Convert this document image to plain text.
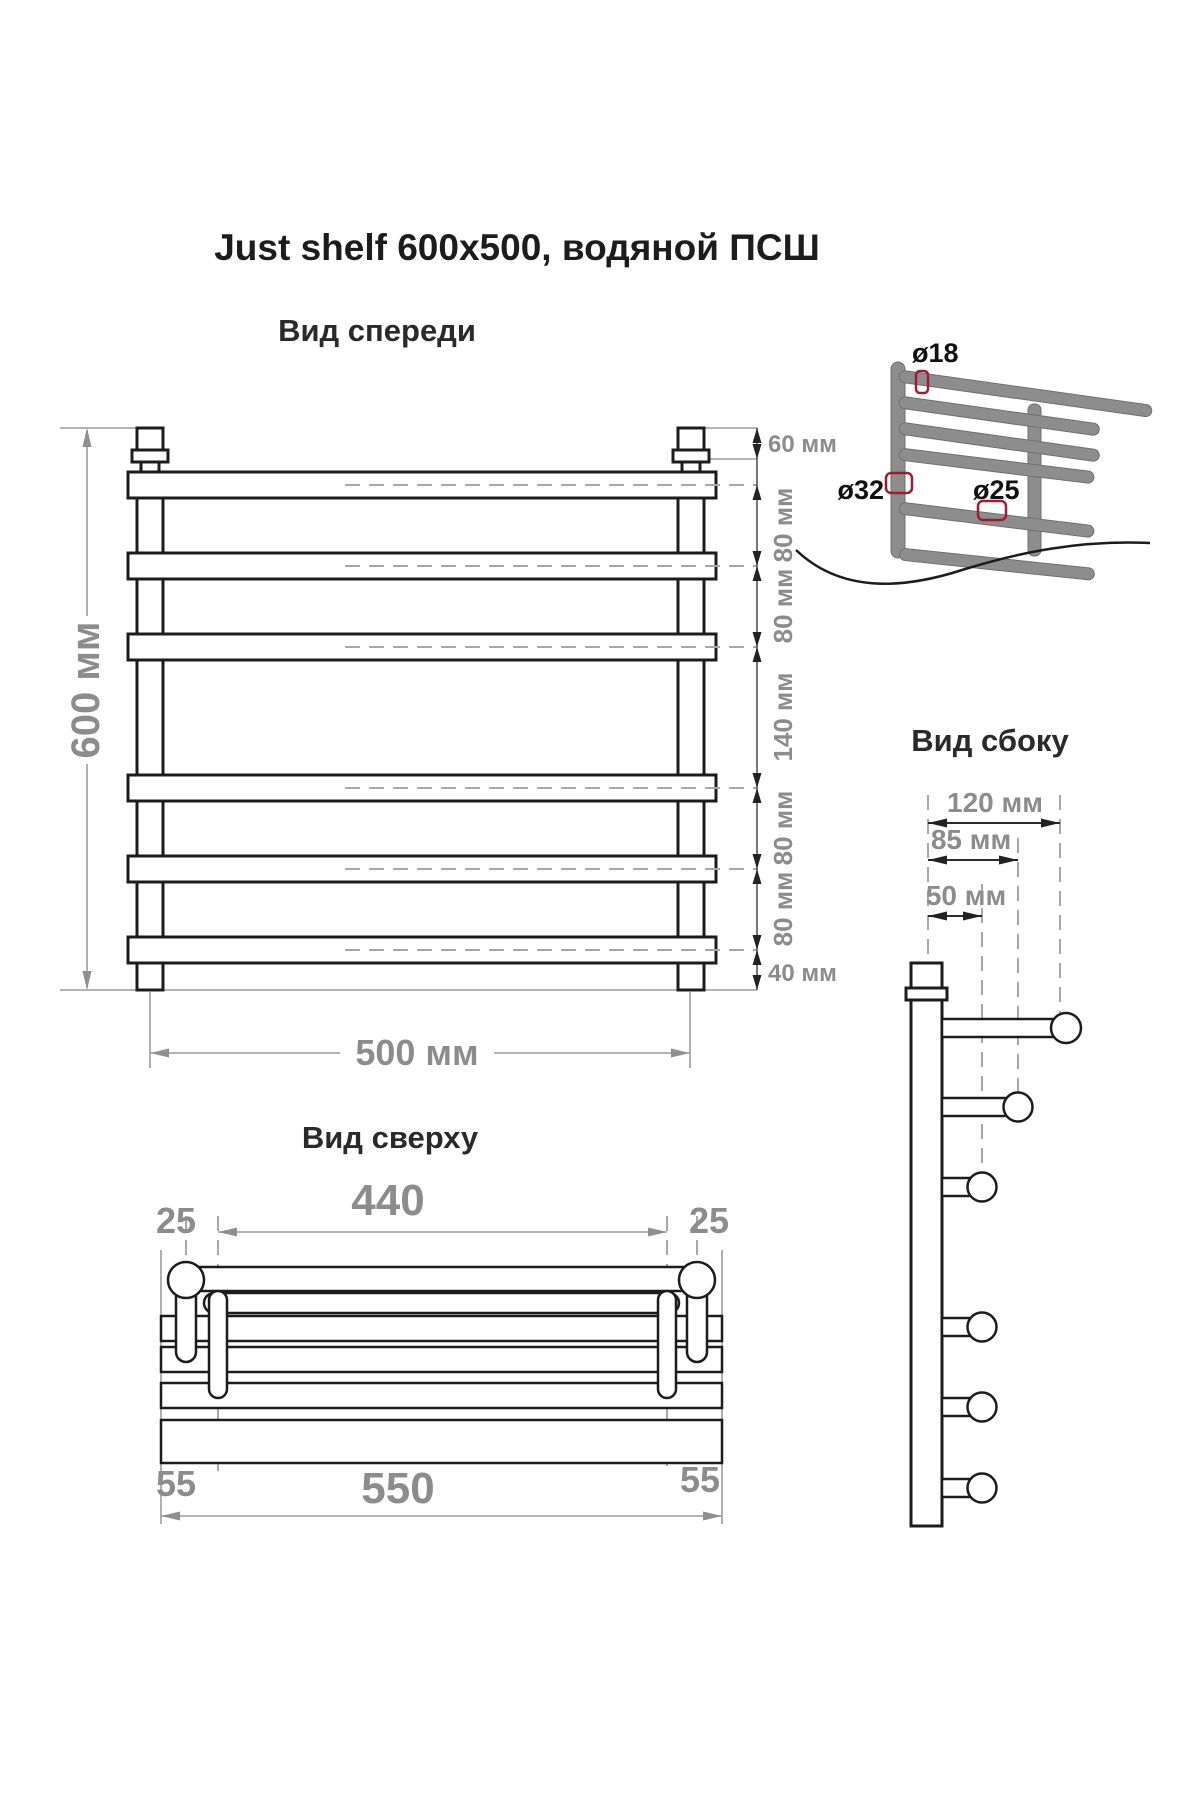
Just shelf 600x500, водяной ПСШ
Вид спереди
Вид сверху
Вид сбоку
600 мм
60 мм
80 мм
80 мм
140 мм
80 мм
80 мм
40 мм
500 мм
440
25	25
55	550	55
ø18
ø32	ø25
120 мм
85 мм
50 мм
